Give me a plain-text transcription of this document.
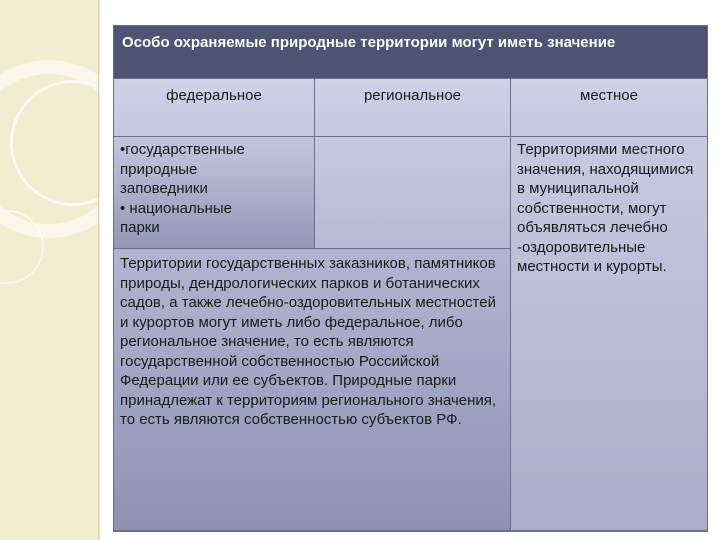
Особо охраняемые природные территории могут иметь значение
федеральное	региональное	местное
•государственные
природные
заповедники
• национальные
парки
Территории государственных заказников, памятников природы, дендрологических парков и ботанических садов, а также лечебно-оздоровительных местностей и курортов могут иметь либо федеральное, либо региональное значение, то есть являются государственной собственностью Российской Федерации или ее субъектов. Природные парки принадлежат к территориям регионального значения, то есть являются собственностью субъектов РФ.
Территориями местного значения, находящимися в муниципальной собственности, могут объявляться лечебно -оздоровительные местности и курорты.
